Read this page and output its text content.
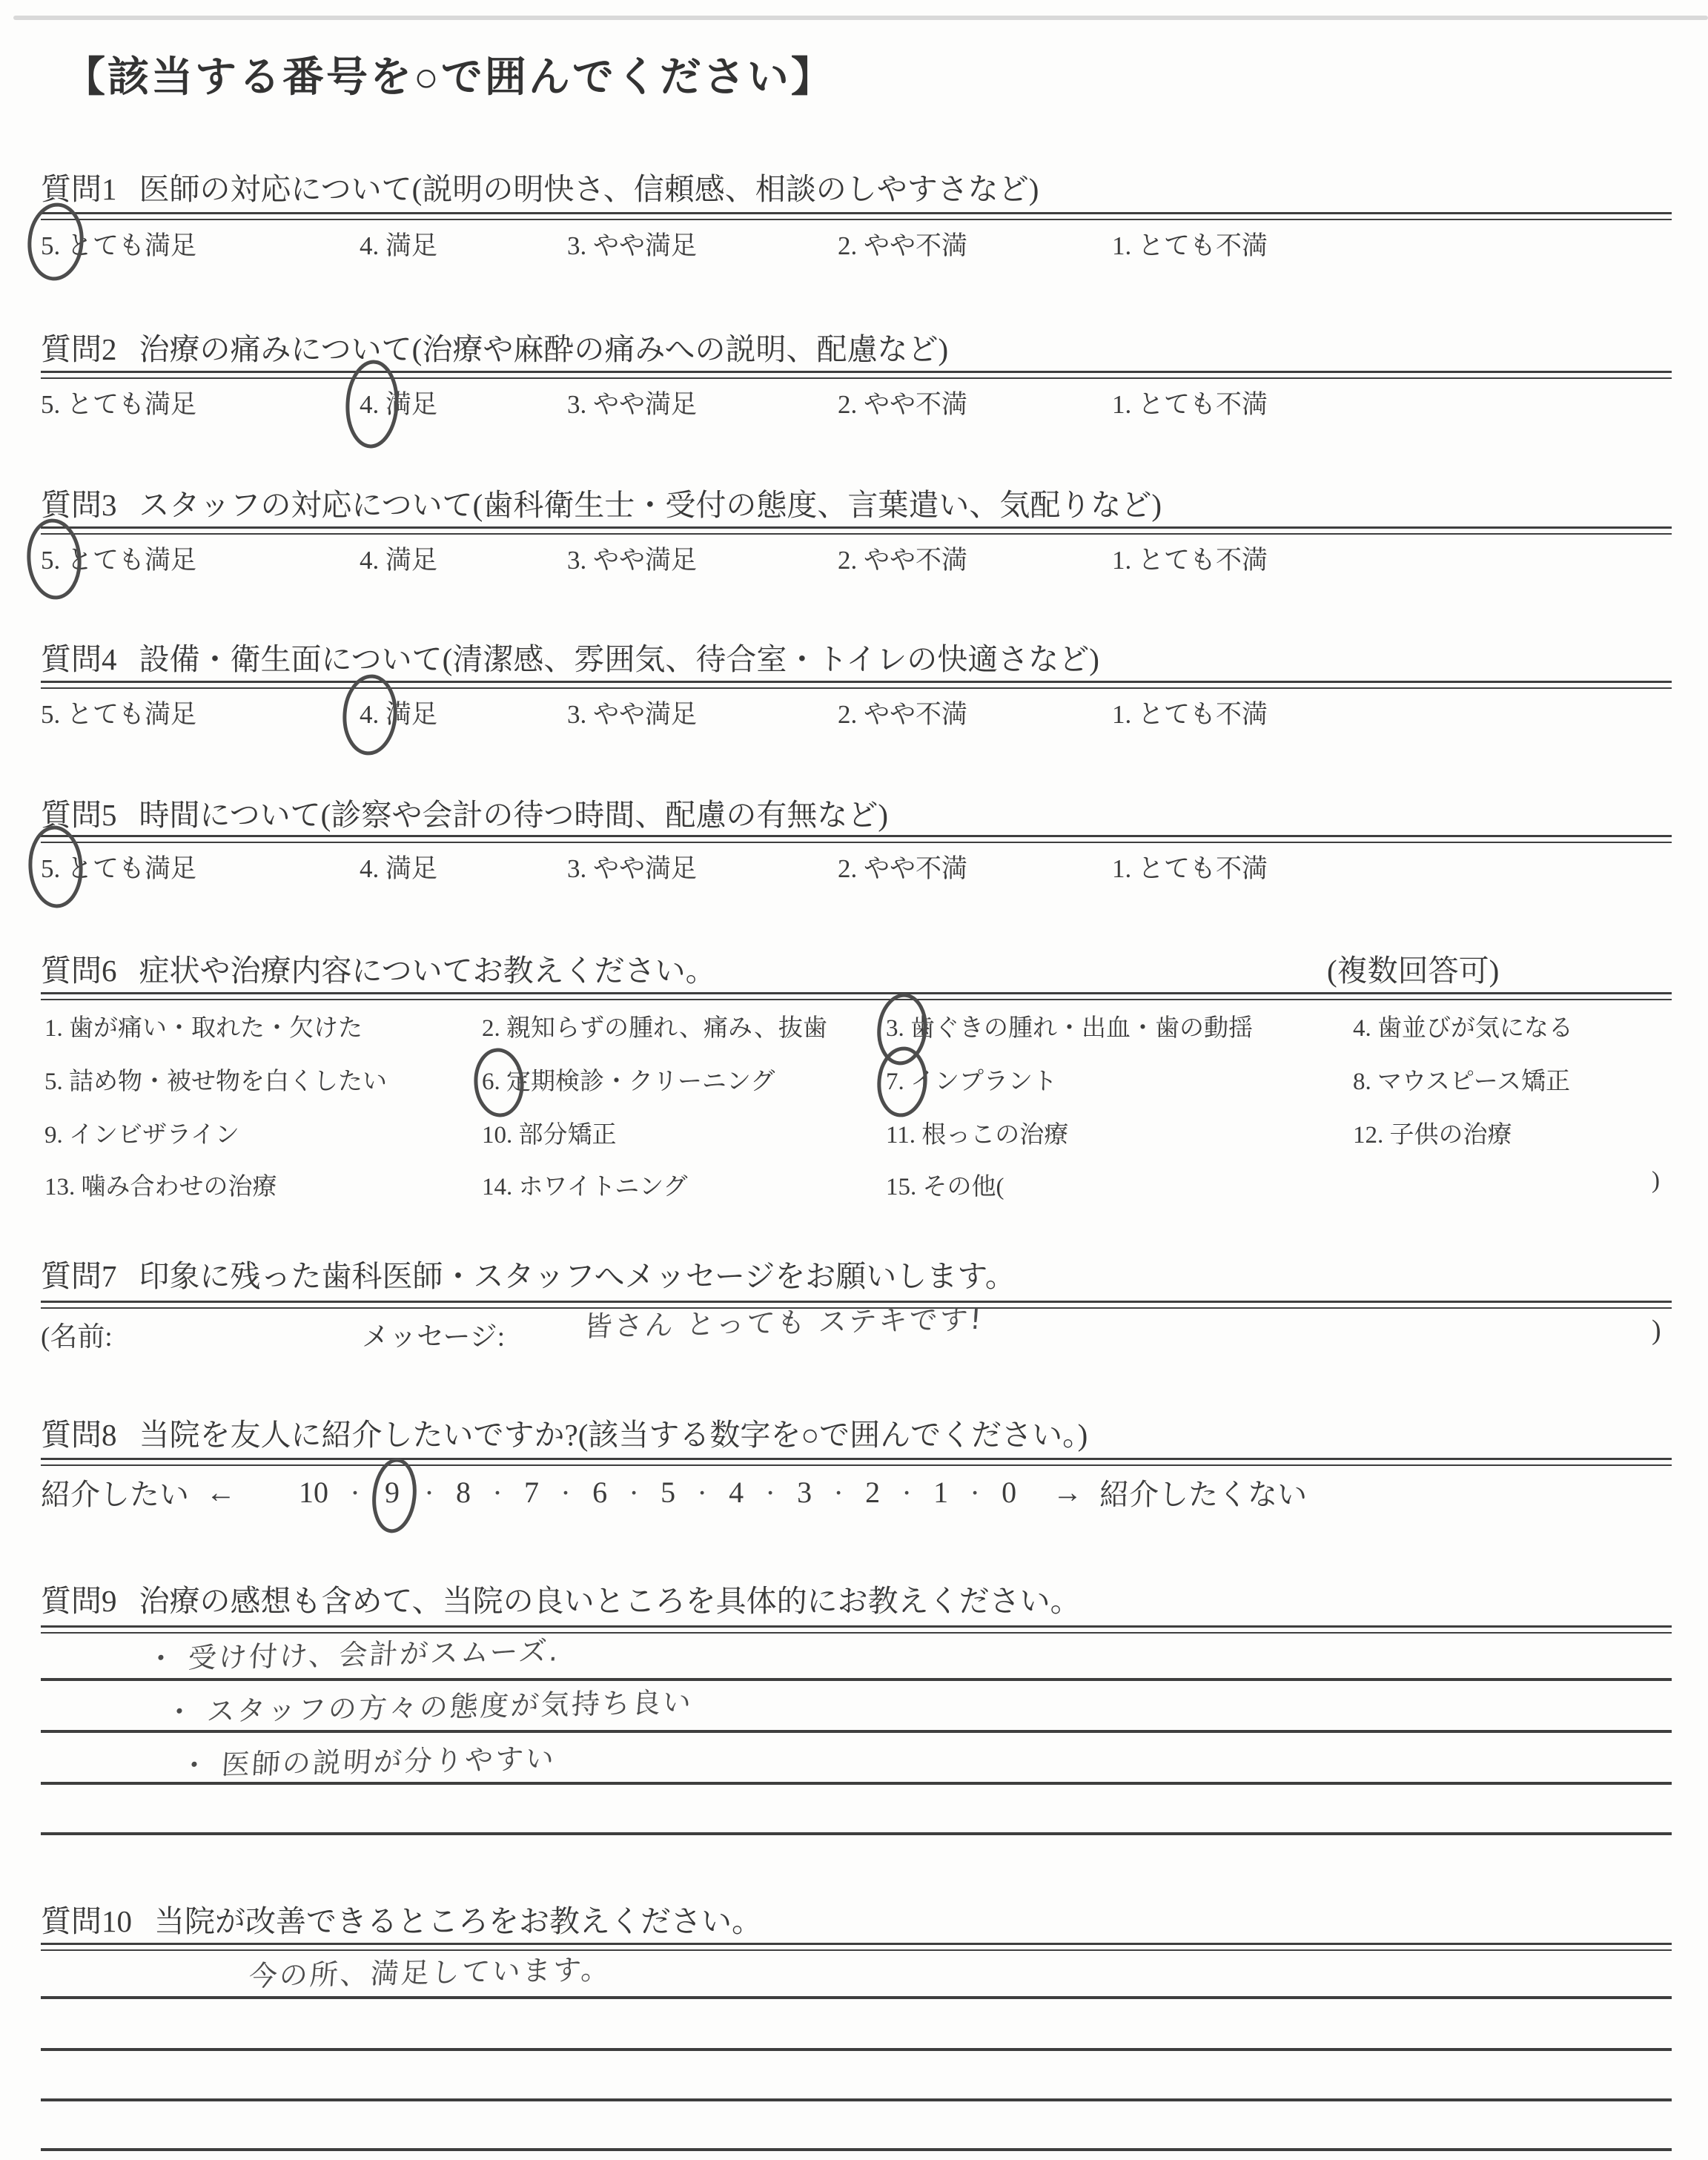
【該当する番号を○で囲んでください】
質問1 医師の対応について(説明の明快さ、信頼感、相談のしやすさなど)
5. とても満足	4. 満足	3. やや満足	2. やや不満	1. とても不満
質問2 治療の痛みについて(治療や麻酔の痛みへの説明、配慮など)
5. とても満足	4. 満足	3. やや満足	2. やや不満	1. とても不満
質問3 スタッフの対応について(歯科衛生士・受付の態度、言葉遣い、気配りなど)
5. とても満足	4. 満足	3. やや満足	2. やや不満	1. とても不満
質問4 設備・衛生面について(清潔感、雰囲気、待合室・トイレの快適さなど)
5. とても満足	4. 満足	3. やや満足	2. やや不満	1. とても不満
質問5 時間について(診察や会計の待つ時間、配慮の有無など)
5. とても満足	4. 満足	3. やや満足	2. やや不満	1. とても不満
質問6 症状や治療内容についてお教えください。	(複数回答可)
1. 歯が痛い・取れた・欠けた	2. 親知らずの腫れ、痛み、抜歯 3. 歯ぐきの腫れ・出血・歯の動揺	4. 歯並びが気になる
5. 詰め物・被せ物を白くしたい	6. 定期検診・クリーニング	7. インプラント	8. マウスピース矯正
9. インビザライン	10. 部分矯正	11. 根っこの治療	12. 子供の治療
13. 噛み合わせの治療	14. ホワイトニング	15. その他(	)
質問7 印象に残った歯科医師・スタッフへメッセージをお願いします。
(名前:	メッセージ:	皆さん とっても ステキです!	)
質問8 当院を友人に紹介したいですか?(該当する数字を○で囲んでください。)
紹介したい ← 10 ・ 9 ・ 8 ・ 7 ・ 6 ・ 5 ・ 4 ・ 3 ・ 2 ・ 1 ・ 0 → 紹介したくない
質問9 治療の感想も含めて、当院の良いところを具体的にお教えください。
・ 受け付け、会計がスムーズ.
・ スタッフの方々の態度が気持ち良い
・ 医師の説明が分りやすい
質問10 当院が改善できるところをお教えください。
今の所、満足しています。
